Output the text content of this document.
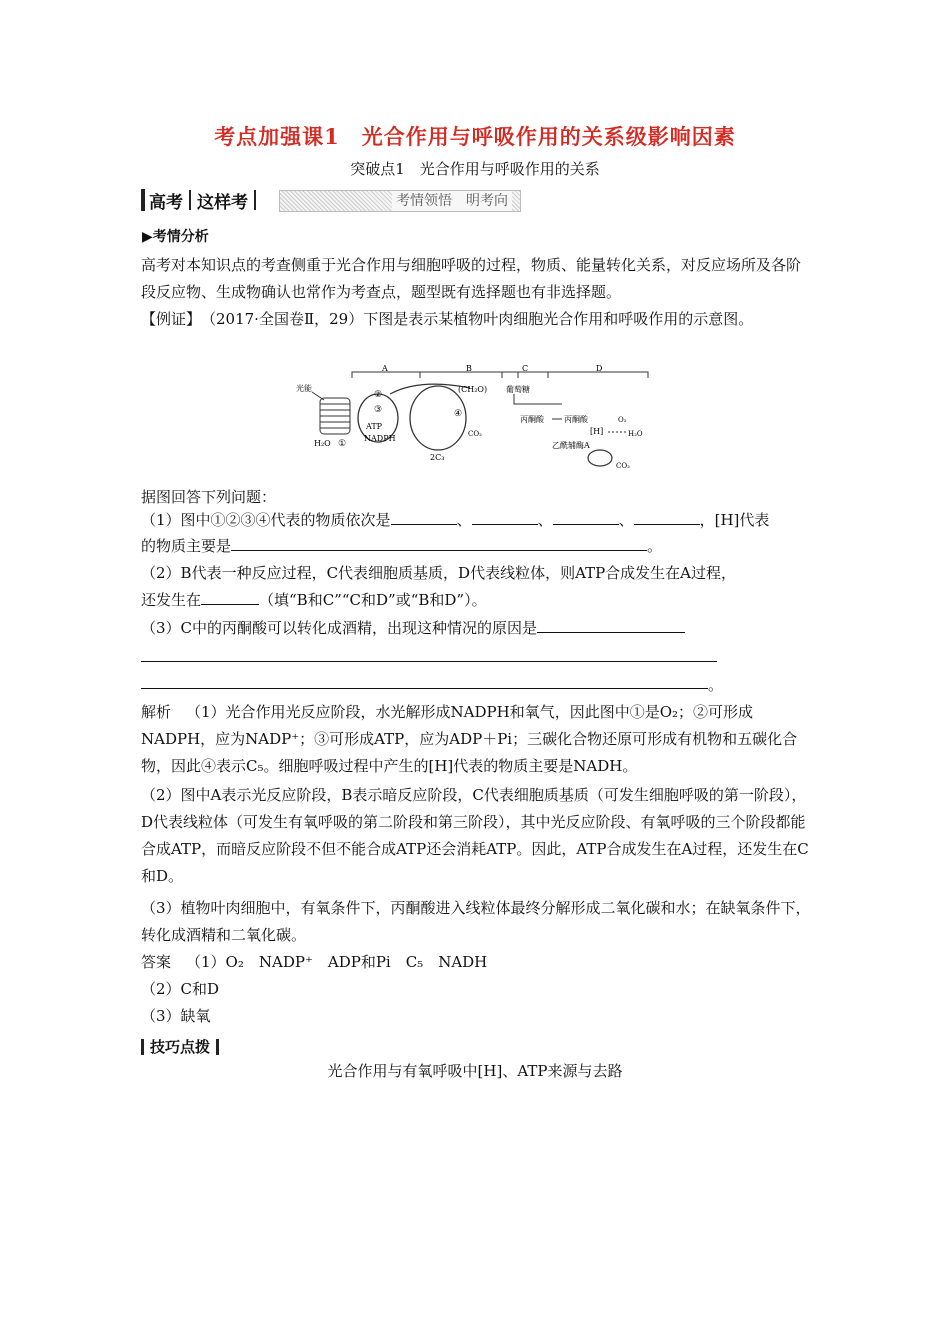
考点加强课1　光合作用与呼吸作用的关系级影响因素
突破点1　光合作用与呼吸作用的关系
高考 这样考	考情领悟　明考向
▶考情分析
高考对本知识点的考查侧重于光合作用与细胞呼吸的过程，物质、能量转化关系，对反应场所及各阶段反应物、生成物确认也常作为考查点，题型既有选择题也有非选择题。
【例证】　（2017·全国卷Ⅱ，29）下图是表示某植物叶肉细胞光合作用和呼吸作用的示意图。
A	B	C	D
光能
②
③
ATP
NADPH
H₂O ①
(CH₂O)
④
2C₃
CO₂
葡萄糖
丙酮酸	丙酮酸
[H]
O₂
H₂O
乙酰辅酶A
CO₂
据图回答下列问题：
（1）图中①②③④代表的物质依次是	、	、	、	，[H]代表
的物质主要是	。
（2）B代表一种反应过程，C代表细胞质基质，D代表线粒体，则ATP合成发生在A过程，
还发生在	（填“B和C”“C和D”或“B和D”）。
（3）C中的丙酮酸可以转化成酒精，出现这种情况的原因是
。
解析  （1）光合作用光反应阶段，水光解形成NADPH和氧气，因此图中①是O₂；②可形成NADPH，应为NADP⁺；③可形成ATP，应为ADP＋Pi；三碳化合物还原可形成有机物和五碳化合物，因此④表示C₅。细胞呼吸过程中产生的[H]代表的物质主要是NADH。
（2）图中A表示光反应阶段，B表示暗反应阶段，C代表细胞质基质（可发生细胞呼吸的第一阶段），D代表线粒体（可发生有氧呼吸的第二阶段和第三阶段），其中光反应阶段、有氧呼吸的三个阶段都能合成ATP，而暗反应阶段不但不能合成ATP还会消耗ATP。因此，ATP合成发生在A过程，还发生在C和D。
（3）植物叶肉细胞中，有氧条件下，丙酮酸进入线粒体最终分解形成二氧化碳和水；在缺氧条件下，转化成酒精和二氧化碳。
答案  （1）O₂　NADP⁺　ADP和Pi　C₅　NADH
（2）C和D
（3）缺氧
技巧点拨
光合作用与有氧呼吸中[H]、ATP来源与去路
